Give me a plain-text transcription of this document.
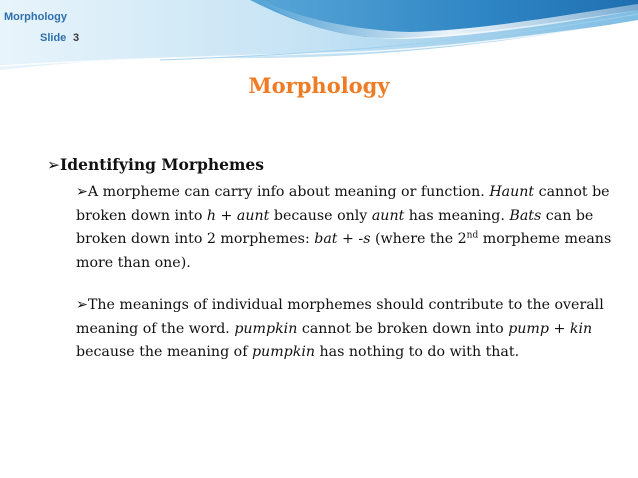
Morphology
Slide 3
Morphology
➢Identifying Morphemes
➢A morpheme can carry info about meaning or function. Haunt cannot be broken down into h + aunt because only aunt has meaning. Bats can be broken down into 2 morphemes: bat + -s (where the 2nd morpheme means more than one).
➢The meanings of individual morphemes should contribute to the overall meaning of the word. pumpkin cannot be broken down into pump + kin because the meaning of pumpkin has nothing to do with that.
